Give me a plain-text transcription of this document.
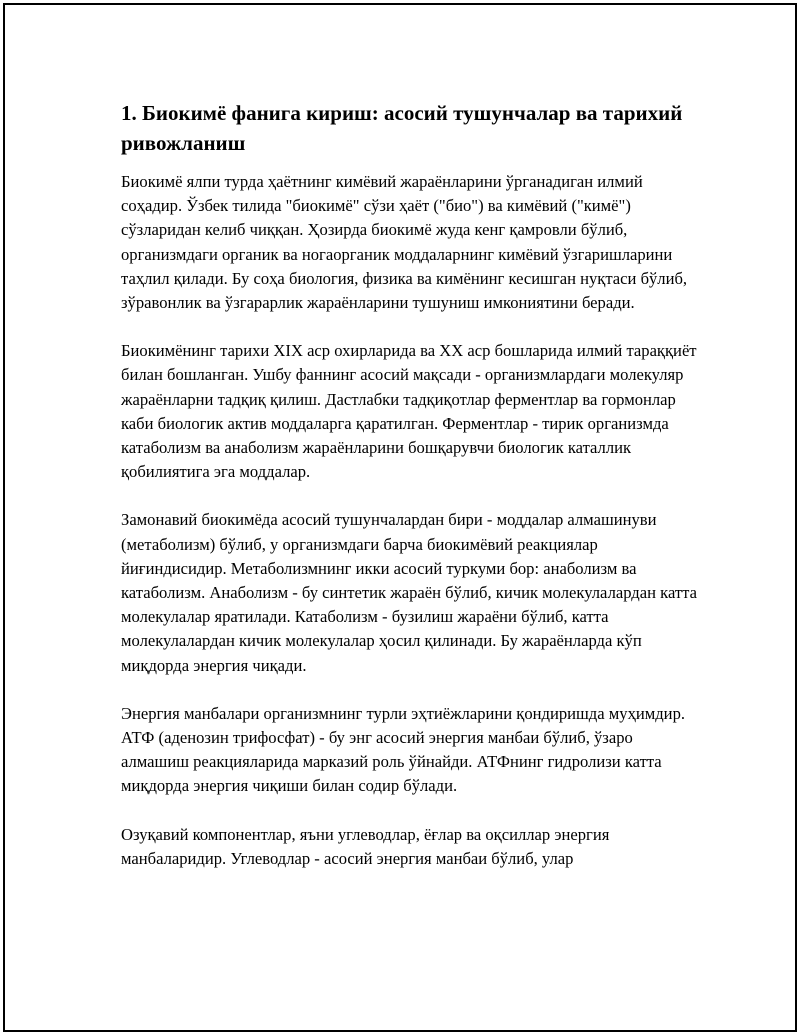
1. Биокимё фанига кириш: асосий тушунчалар ва тарихий ривожланиш

Биокимё ялпи турда ҳаётнинг кимёвий жараёнларини ўрганадиган илмий соҳадир. Ўзбек тилида "биокимё" сўзи ҳаёт ("био") ва кимёвий ("кимё") сўзларидан келиб чиққан. Ҳозирда биокимё жуда кенг қамровли бўлиб, организмдаги органик ва ногаорганик моддаларнинг кимёвий ўзгаришларини таҳлил қилади. Бу соҳа биология, физика ва кимёнинг кесишган нуқтаси бўлиб, зўравонлик ва ўзгарарлик жараёнларини тушуниш имкониятини беради.

Биокимёнинг тарихи XIX аср охирларида ва XX аср бошларида илмий тараққиёт билан бошланган. Ушбу фаннинг асосий мақсади - организмлардаги молекуляр жараёнларни тадқиқ қилиш. Дастлабки тадқиқотлар ферментлар ва гормонлар каби биологик актив моддаларга қаратилган. Ферментлар - тирик организмда катаболизм ва анаболизм жараёнларини бошқарувчи биологик каталлик қобилиятига эга моддалар.

Замонавий биокимёда асосий тушунчалардан бири - моддалар алмашинуви (метаболизм) бўлиб, у организмдаги барча биокимёвий реакциялар йиғиндисидир. Метаболизмнинг икки асосий туркуми бор: анаболизм ва катаболизм. Анаболизм - бу синтетик жараён бўлиб, кичик молекулалардан катта молекулалар яратилади. Катаболизм - бузилиш жараёни бўлиб, катта молекулалардан кичик молекулалар ҳосил қилинади. Бу жараёнларда кўп миқдорда энергия чиқади.

Энергия манбалари организмнинг турли эҳтиёжларини қондиришда муҳимдир. АТФ (аденозин трифосфат) - бу энг асосий энергия манбаи бўлиб, ўзаро алмашиш реакцияларида марказий роль ўйнайди. АТФнинг гидролизи катта миқдорда энергия чиқиши билан содир бўлади.

Озуқавий компонентлар, яъни углеводлар, ёғлар ва оқсиллар энергия манбаларидир. Углеводлар - асосий энергия манбаи бўлиб, улар
